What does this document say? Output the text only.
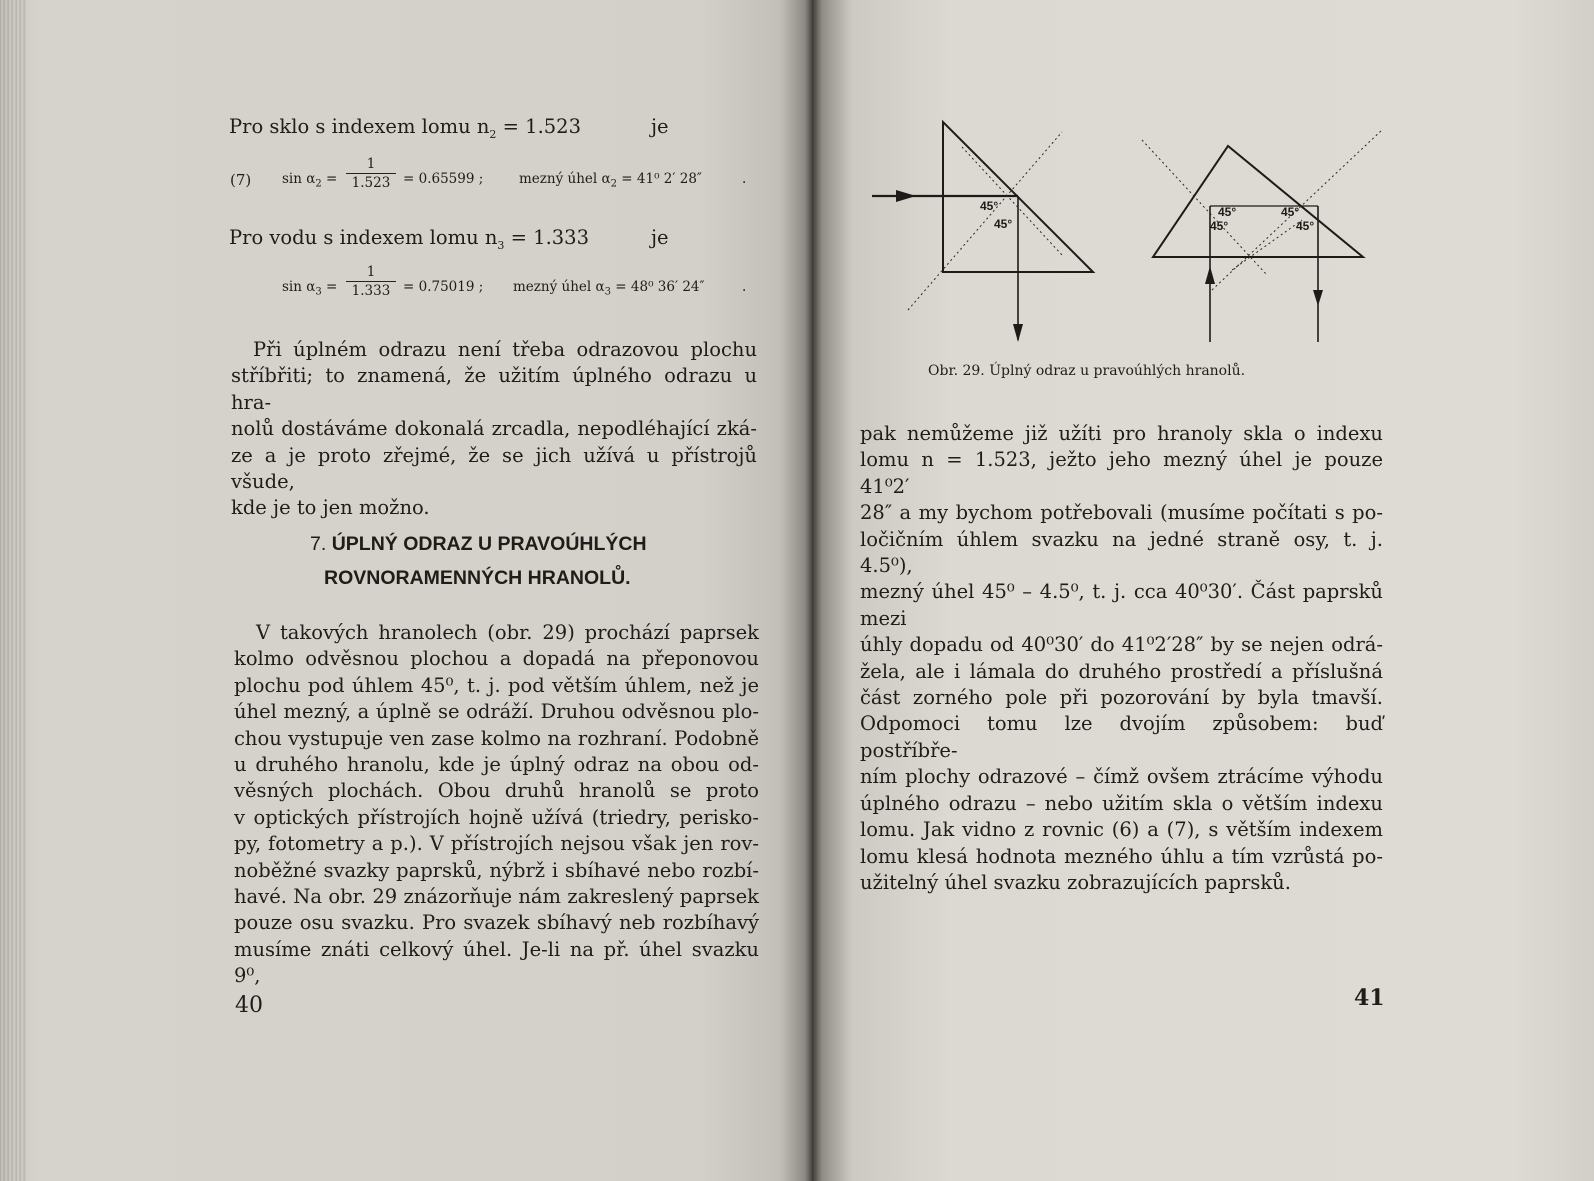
Pro sklo s indexem lomu $n_2 = 1.523$	je
(7) $\sin \alpha_2$ =
1
1.523 = 0.65599 ;	mezný úhel $\alpha_2 = 41^0$ 2′ 28″	.
Pro vodu s indexem lomu $n_3 = 1.333$	je
$\sin \alpha_3$ =
1
1.333 = 0.75019 ; mezný úhel $\alpha_3 = 48^0$ 36′ 24″	.
Při úplném odrazu není třeba odrazovou plochu
stříbřiti; to znamená, že užitím úplného odrazu u hra-
nolů dostáváme dokonalá zrcadla, nepodléhající zká-
ze a je proto zřejmé, že se jich užívá u přístrojů všude,
kde je to jen možno.
7. ÚPLNÝ ODRAZ U PRAVOÚHLÝCH
ROVNORAMENNÝCH HRANOLŮ.
V takových hranolech (obr. 29) prochází paprsek
kolmo odvěsnou plochou a dopadá na přeponovou
plochu pod úhlem 45⁰, t. j. pod větším úhlem, než je
úhel mezný, a úplně se odráží. Druhou odvěsnou plo-
chou vystupuje ven zase kolmo na rozhraní. Podobně
u druhého hranolu, kde je úplný odraz na obou od-
věsných plochách. Obou druhů hranolů se proto
v optických přístrojích hojně užívá (triedry, perisko-
py, fotometry a p.). V přístrojích nejsou však jen rov-
noběžné svazky paprsků, nýbrž i sbíhavé nebo rozbí-
havé. Na obr. 29 znázorňuje nám zakreslený paprsek
pouze osu svazku. Pro svazek sbíhavý neb rozbíhavý
musíme znáti celkový úhel. Je-li na př. úhel svazku 9⁰,
40
45°
45°
45°
45°
45°
45°
Obr. 29. Úplný odraz u pravoúhlých hranolů.
pak nemůžeme již užíti pro hranoly skla o indexu
lomu n = 1.523, ježto jeho mezný úhel je pouze 41⁰2′
28″ a my bychom potřebovali (musíme počítati s po-
ločičním úhlem svazku na jedné straně osy, t. j. 4.5⁰),
mezný úhel 45⁰ – 4.5⁰, t. j. cca 40⁰30′. Část paprsků mezi
úhly dopadu od 40⁰30′ do 41⁰2′28″ by se nejen odrá-
žela, ale i lámala do druhého prostředí a příslušná
část zorného pole při pozorování by byla tmavší.
Odpomoci tomu lze dvojím způsobem: buď postříbře-
ním plochy odrazové – čímž ovšem ztrácíme výhodu
úplného odrazu – nebo užitím skla o větším indexu
lomu. Jak vidno z rovnic (6) a (7), s větším indexem
lomu klesá hodnota mezného úhlu a tím vzrůstá po-
užitelný úhel svazku zobrazujících paprsků.
41
